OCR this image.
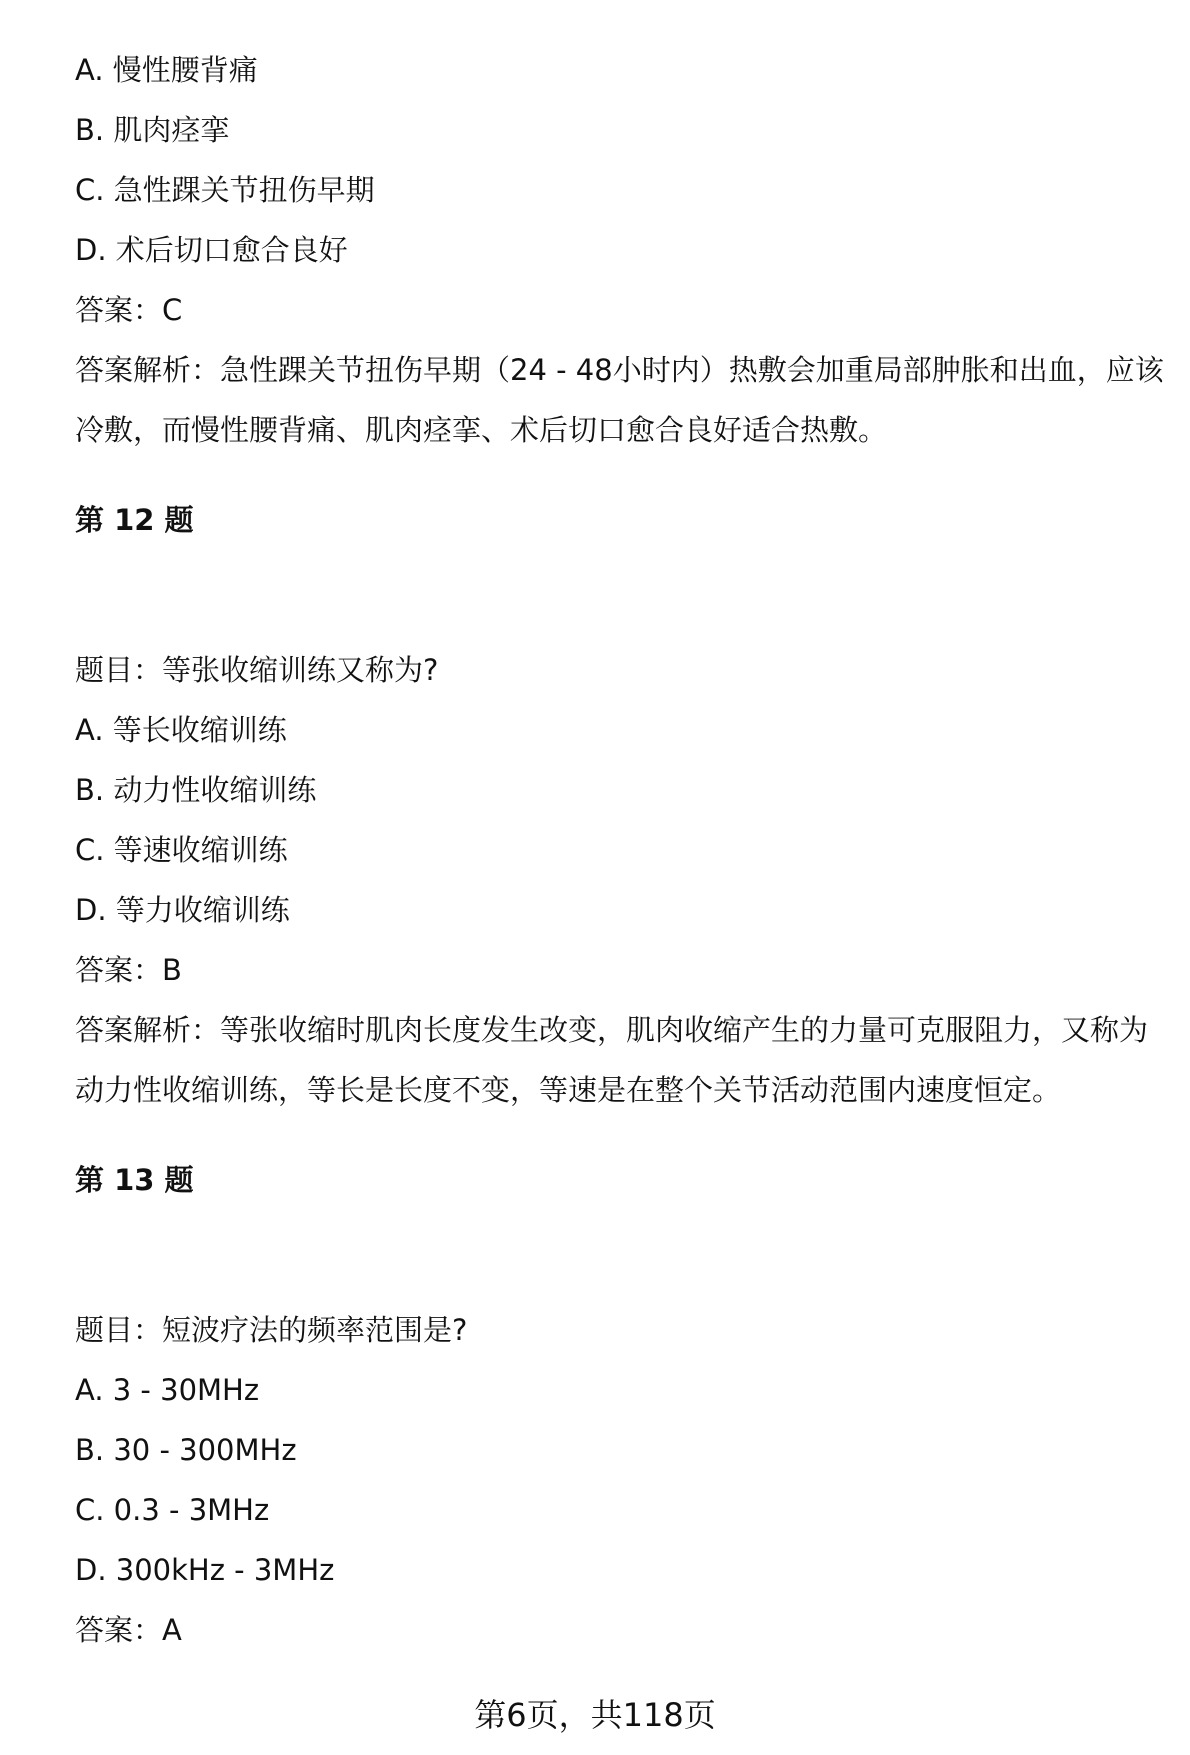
A. 慢性腰背痛
B. 肌肉痉挛
C. 急性踝关节扭伤早期
D. 术后切口愈合良好
答案：C
答案解析：急性踝关节扭伤早期（24 - 48小时内）热敷会加重局部肿胀和出血，应该冷敷，而慢性腰背痛、肌肉痉挛、术后切口愈合良好适合热敷。
第 12 题
题目：等张收缩训练又称为?
A. 等长收缩训练
B. 动力性收缩训练
C. 等速收缩训练
D. 等力收缩训练
答案：B
答案解析：等张收缩时肌肉长度发生改变，肌肉收缩产生的力量可克服阻力，又称为动力性收缩训练，等长是长度不变，等速是在整个关节活动范围内速度恒定。
第 13 题
题目：短波疗法的频率范围是?
A. 3 - 30MHz
B. 30 - 300MHz
C. 0.3 - 3MHz
D. 300kHz - 3MHz
答案：A
第6页，共118页
